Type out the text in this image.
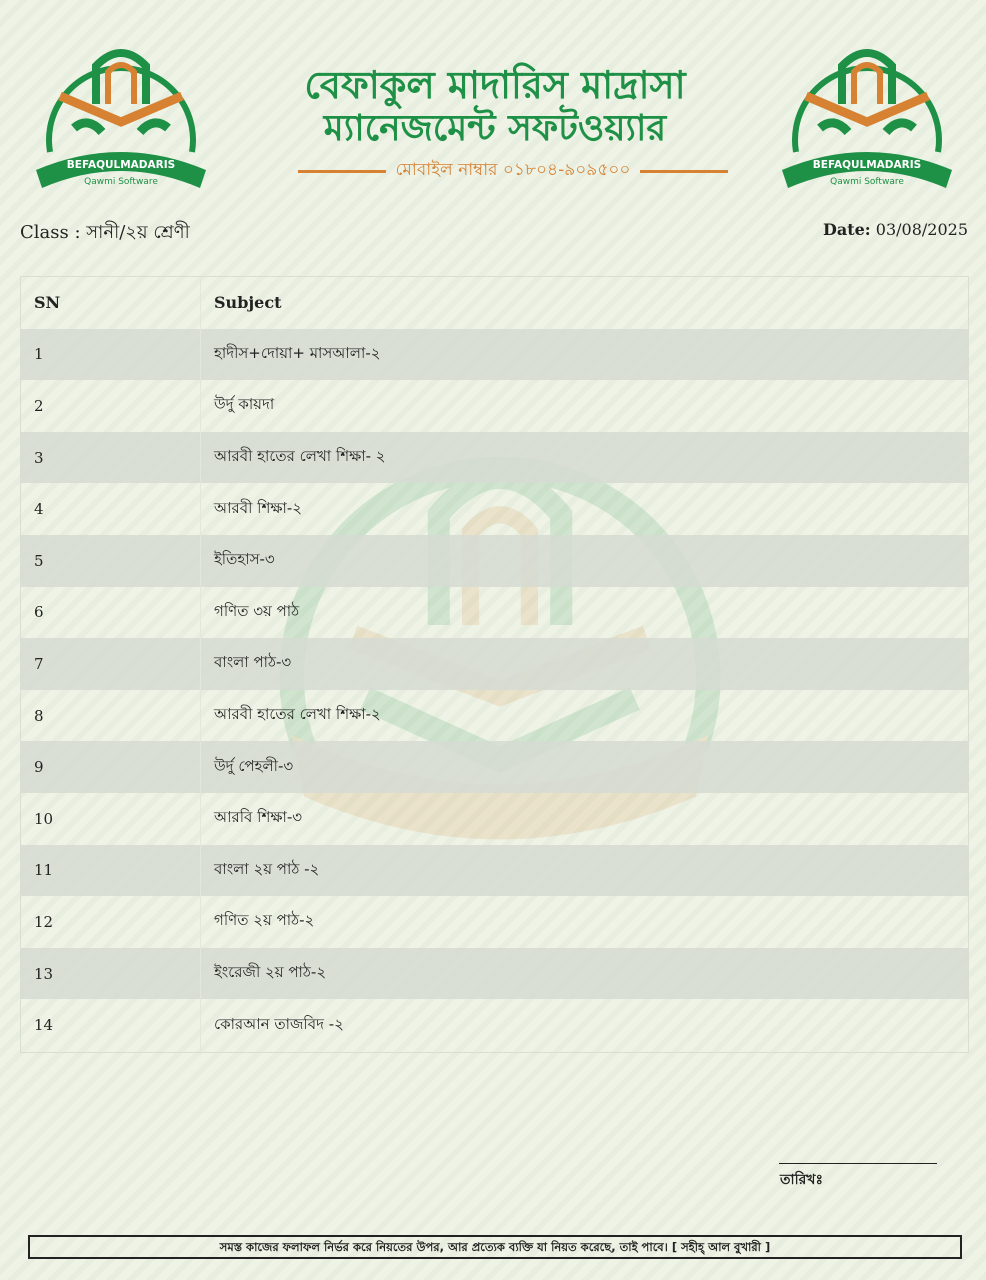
BEFAQULMADARIS
Qawmi Software
BEFAQULMADARIS
Qawmi Software
বেফাকুল মাদারিস মাদ্রাসা
ম্যানেজমেন্ট সফটওয়্যার
মোবাইল নাম্বার ০১৮০৪-৯০৯৫০০
Class : সানী/২য় শ্রেণী	Date: 03/08/2025
SN	Subject
1	হাদীস+দোয়া+ মাসআলা-২
2	উর্দু কায়দা
3	আরবী হাতের লেখা শিক্ষা- ২
4	আরবী শিক্ষা-২
5	ইতিহাস-৩
6	গণিত ৩য় পাঠ
7	বাংলা পাঠ-৩
8	আরবী হাতের লেখা শিক্ষা-২
9	উর্দু পেহলী-৩
10	আরবি শিক্ষা-৩
11	বাংলা ২য় পাঠ -২
12	গণিত ২য় পাঠ-২
13	ইংরেজী ২য় পাঠ-২
14	কোরআন তাজবিদ -২
তারিখঃ
সমস্ত কাজের ফলাফল নির্ভর করে নিয়তের উপর, আর প্রত্যেক ব্যক্তি যা নিয়ত করেছে, তাই পাবে। [ সহীহ্ আল বুখারী ]
